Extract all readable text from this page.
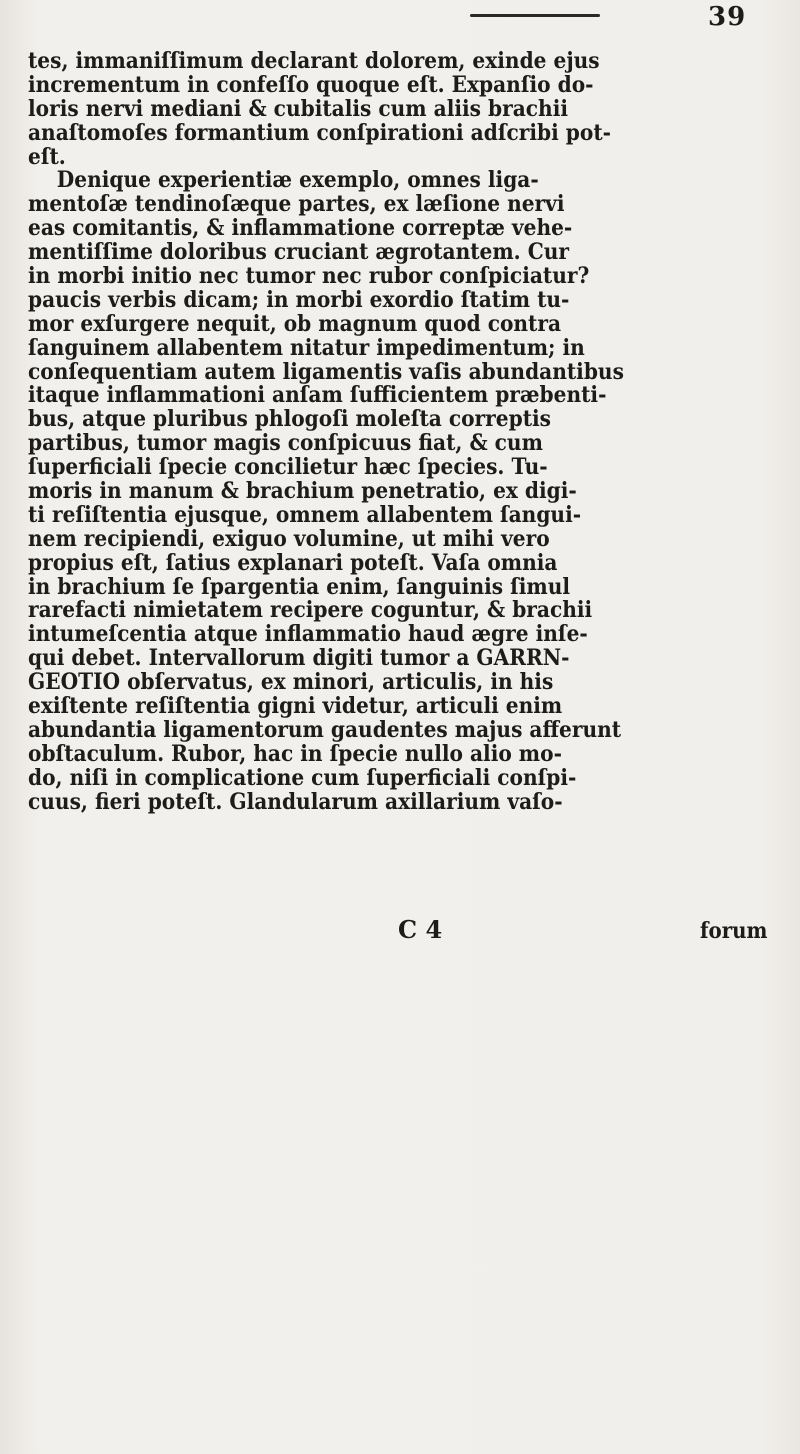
39
tes, immaniſſimum declarant dolorem, exinde ejus
incrementum in confeſſo quoque eſt. Expanſio do-
loris nervi mediani & cubitalis cum aliis brachii
anaſtomoſes formantium conſpirationi adſcribi pot-
eſt.
Denique experientiæ exemplo, omnes liga-
mentoſæ tendinoſæque partes, ex læſione nervi
eas comitantis, & inflammatione correptæ vehe-
mentiſſime doloribus cruciant ægrotantem. Cur
in morbi initio nec tumor nec rubor conſpiciatur?
paucis verbis dicam; in morbi exordio ſtatim tu-
mor exſurgere nequit, ob magnum quod contra
ſanguinem allabentem nitatur impedimentum; in
conſequentiam autem ligamentis vaſis abundantibus
itaque inflammationi anſam ſufficientem præbenti-
bus, atque pluribus phlogoſi moleſta correptis
partibus, tumor magis conſpicuus fiat, & cum
ſuperficiali ſpecie concilietur hæc ſpecies. Tu-
moris in manum & brachium penetratio, ex digi-
ti reſiſtentia ejusque, omnem allabentem ſangui-
nem recipiendi, exiguo volumine, ut mihi vero
propius eſt, ſatius explanari poteſt. Vaſa omnia
in brachium ſe ſpargentia enim, ſanguinis ſimul
rarefacti nimietatem recipere coguntur, & brachii
intumeſcentia atque inflammatio haud ægre inſe-
qui debet. Intervallorum digiti tumor a GARRN-
GEOTIO obſervatus, ex minori, articulis, in his
exiſtente reſiſtentia gigni videtur, articuli enim
abundantia ligamentorum gaudentes majus afferunt
obſtaculum. Rubor, hac in ſpecie nullo alio mo-
do, niſi in complicatione cum ſuperficiali conſpi-
cuus, fieri poteſt. Glandularum axillarium vaſo-
C 4	forum
